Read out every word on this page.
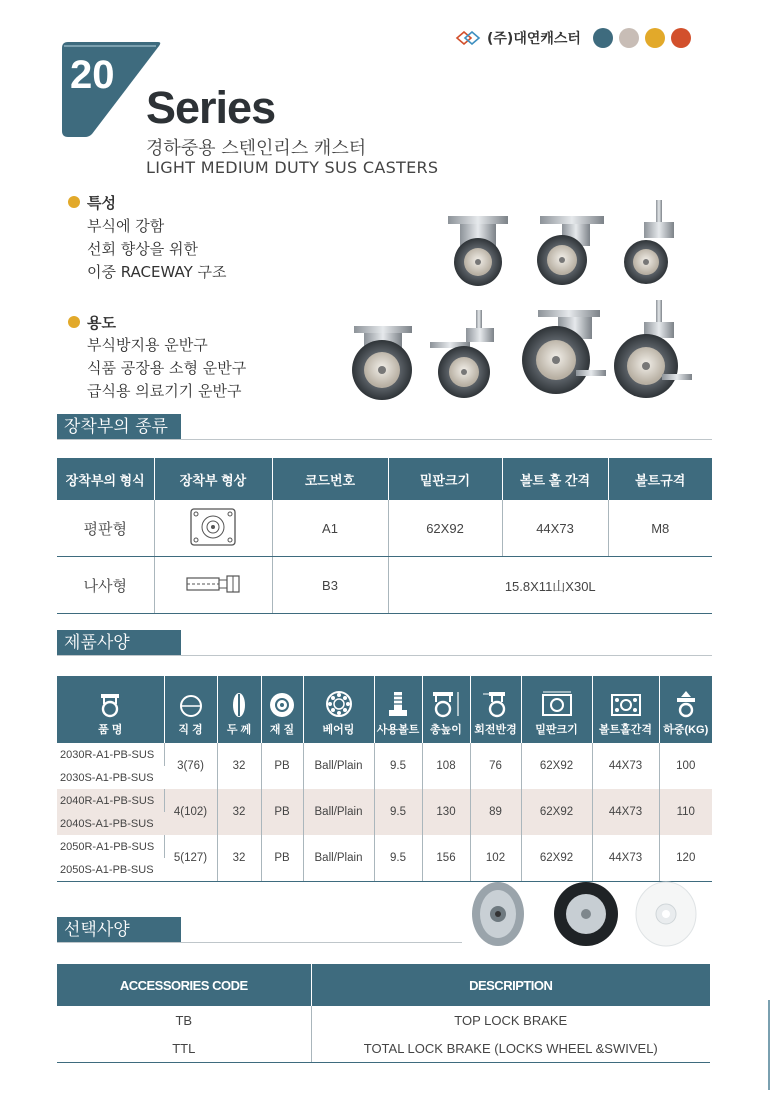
(주)대연캐스터
20
Series
경하중용 스텐인리스 캐스터
LIGHT MEDIUM DUTY SUS CASTERS
특성
부식에 강함
선회 향상을 위한
이중 RACEWAY 구조
용도
부식방지용 운반구
식품 공장용 소형 운반구
급식용 의료기기 운반구
장착부의 종류
장착부의 형식	장착부 형상	코드번호	밑판크기	볼트 홀 간격	볼트규격
평판형		A1	62X92	44X73	M8
나사형		B3	15.8X11山X30L		
제품사양
품 명	직 경	두 께	재 질	베어링	사용볼트	총높이	회전반경	밑판크기	볼트홀간격	하중(KG)
2030R-A1-PB-SUS	3(76)	32	PB	Ball/Plain	9.5	108	76	62X92	44X73	100
2030S-A1-PB-SUS										
2040R-A1-PB-SUS	4(102)	32	PB	Ball/Plain	9.5	130	89	62X92	44X73	110
2040S-A1-PB-SUS										
2050R-A1-PB-SUS	5(127)	32	PB	Ball/Plain	9.5	156	102	62X92	44X73	120
2050S-A1-PB-SUS										
선택사양
ACCESSORIES CODE	DESCRIPTION
TB	TOP LOCK BRAKE
TTL	TOTAL LOCK BRAKE (LOCKS WHEEL &SWIVEL)
